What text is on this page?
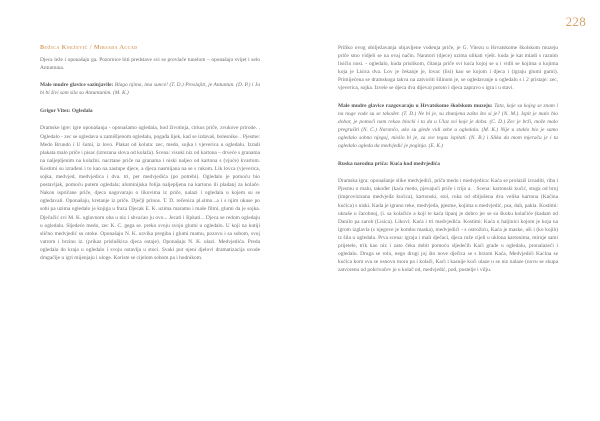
228
Božica Knežević / Mirsada Accad

Djeca leže i oponašaju ga. Pozornice biti predstave svi se provlače tunelom – oponašaju svijet i selo Antuntuna.

Male mudre glavice sazinjavile: Blago njima, ima sunce! (T. D.) Proslajiti, je Antuntun. (D. P.) i Ja bi bi živi sam sila sa Antuntunim. (M. K.)

Grigor Vitez: Ogledala

Dramske igre: igre oponašanja - oponašamo ogledala, hod životinja, cirkus priče, zvukove prirode. . Ogledalo - zec se ogledava u zamišljenom ogledalu, pogađa lijek, kad se izdavaš, bolesnike. . Pjesme: Medo Brundo i U šumi, iz lovo. Plakat od koluta: zec, medo, sojka i vjeverica u ogledalu. Izradi plakata malo priče i pisac (izrezana slova od kolaža). Scena: visoki niz od kartona – drveće s granama na naljepljenim na kolažni. nacrtane priče na granama i niski naljeo od kartona s (vjuće) kvartom. Kostimi su izrađeni i to kao na zastupe djece, a djeca nasmijana na se s rukom. Lik lovca (vjeverica, sojka, medvjed, medvjedica i dva. tri, per medvjedića (po potrebi). Ogledalo je pomoću bio postavljak, pomoću putem ogledala; aluminijska folija naljepljena na kartonu ili pladanj za kolače. Nakon ispričane priče, djeca nagovaraju o likovima iz priče, nalazi i ogledala u kojem su se ogledavali. Oponašaju, kretanje iz priče. Dječji prinos. T. D. rečenica pl.simo...a i s njim ukuse po sobi pa uzima ogledalo je knjiga u fraza Djecak E. K. uzima maramu i maše filmi, glumi da je sojka. Dječačić svi M. K. uglavnom oba u niz i shvaćao ju ovo... Jecati i šipkati... Djeca se redom ogledaju u ogledalu. Sljedeće medo, zec K. C. gega se. preko svoju svoju glumi u ogledalo. U koji na kutiji slično medvjedić su otoke. Oponašaju N. K. uzvika pregiba i glumi mamu, pozovu i sa sobom, svoj vatrom i brzinu iz. (prikaz prisluškiva djeca ostaje). Oponašaju N. K. ulazi. Medvjedića. Preda ogledala do kraja u ogledalu i svoju ostavlja u stoci. Svaki put njeni djelovi dramatizacija uvode drugačije u igri mijenjaju i uloge. Koriste se cijelom sobom pa i hodnikom.

Priliko ovog obilježavanja objavljene vodenja priče, je G. Vitezu u Hrvatskome školskom muzeju priče smo vidjeli se na ovaj način. Naratori (djece) uzima ulikati vješt. kuda je kat mladi s raznim lisičin nosi. - ogledalo, kuda prislikom, čitanja priče svi kuća kojoj se u i vidli se kojima u kojima koja je Lisica dva. Lov je čekanje je, lovac (lisi) kao se kojom i djeca i (igraju glumi gumi). Primijećena se dramskoga takva na zatvoriti šilinom je, se ogledavanje u ogledalu s i 2 pristaje: zec, vjeverica, sojka. Izvele se djeca dva dijeva) potom i djeca zapravo s igra i u stavi.

Male mudre glavice razgovaraju u Hrvatskome školskom muzeju: Tata, koje su kojeg se znam i na noge vode su se također. (T. D.) Ne bi je, su zbunjena zašto što si je? (N. M.). Ispit je malo bio dobar, je pomoći nam rekao blocki i ta da u Ulaz svi koje je doba. (C. D.) Zec je brži, može malo pregrušiti (N. C.) Narančo, ako su glede vidi sebe u ogledalu. (M. K.) Nije u staklo bio je samo ogledalo sobno njegoj, mislio bi je, za sve tegas ispitati. (N. B.) i Slika da mom mjeraču je i tu ogledalo ogleda da medvjedić je poginja. (E. K.)

Ruska narodna priča: Kuća kod medvjedića

Dramska igra: oponašanje slike medvjedići, priča medo i medvjedica: Kaća se prolaziš izvaditi, riba i Pjesmu o malu, također (kaća medo, pjevajući priče i trijo a. . Scena: kartonski kućić, stoga od broj (improvizirana medvjeđa kućica), kartonski, stol, ruka od obljušena dva velika kartona (Kaćina kućica) s niski. Kada je igrano reke, medvjeđa, pjesme, kojima u medvjedić, psa, duh, pakla. Kostimi: ukraše u čarobnoj, (i. sa kolačiće a koji te kaća lipanj je dobro jer se su škoku kolačiće (kadam od Danilo pa zarob (Lisica). Likovi: Kaća i tri medvjedića. Kostimi: Kaća u haljinici kojom je koja na igrom izglavla (s njegove je kombu maska), medvjedići - s ostrožiću, Kaća je maske, uši i (ko kojih) iz šila u ogledalu. Prva scena: igraju i mali dječaci, djeca ruže cijeli u uklona kartonima, miruje sami prijetele, trik kao niz i zato čeka dobit pomoću sljedećih Kaći grade u ogledalu, pronalazeći i ogledalu. Druga se rolu, nego drugi joj što nove dječica se s brzom Kaća, Medvjedići Kaćina se kućica kom sva se osnovu mora pa i kolači, Kaći i kasnije kući ulaze u se niz nalaze (novu se skupa zatvorenu od pokrivačev je u kolač od, medvjedić, pod, postelje i vilju.
